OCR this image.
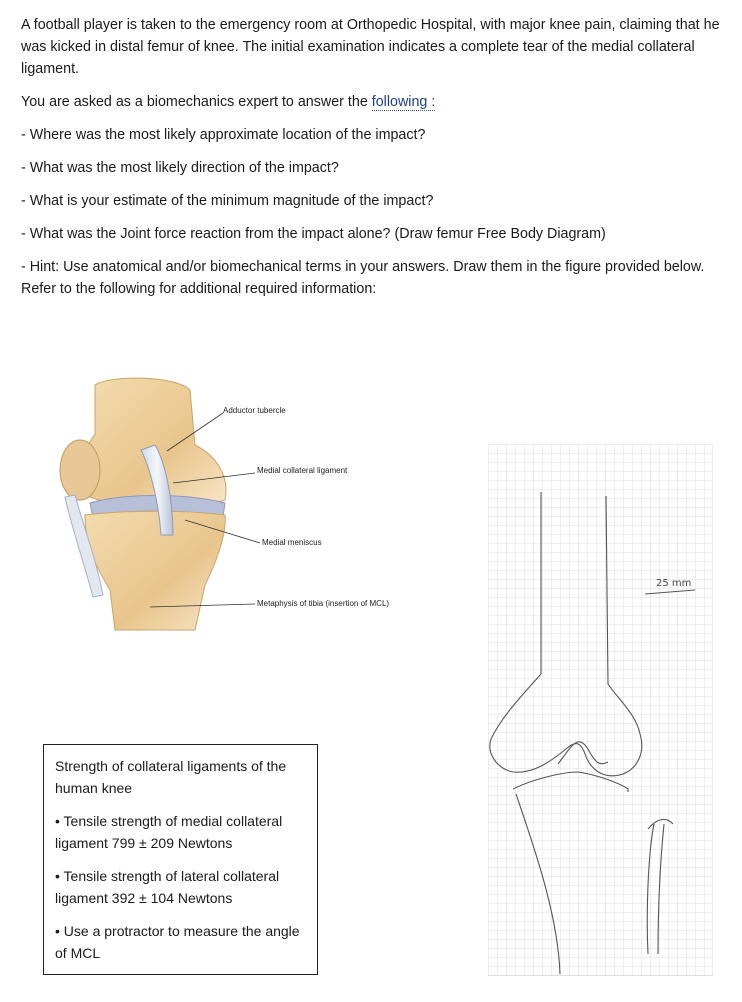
A football player is taken to the emergency room at Orthopedic Hospital, with major knee pain, claiming that he was kicked in distal femur of knee. The initial examination indicates a complete tear of the medial collateral ligament.

You are asked as a biomechanics expert to answer the following :

- Where was the most likely approximate location of the impact?

- What was the most likely direction of the impact?

- What is your estimate of the minimum magnitude of the impact?

- What was the Joint force reaction from the impact alone? (Draw femur Free Body Diagram)

- Hint: Use anatomical and/or biomechanical terms in your answers. Draw them in the figure provided below. Refer to the following for additional required information:

Adductor tubercle
Medial collateral ligament
Medial meniscus
Metaphysis of tibia (insertion of MCL)

Strength of collateral ligaments of the human knee

• Tensile strength of medial collateral ligament 799 ± 209 Newtons

• Tensile strength of lateral collateral ligament 392 ± 104 Newtons

• Use a protractor to measure the angle of MCL

25 mm
